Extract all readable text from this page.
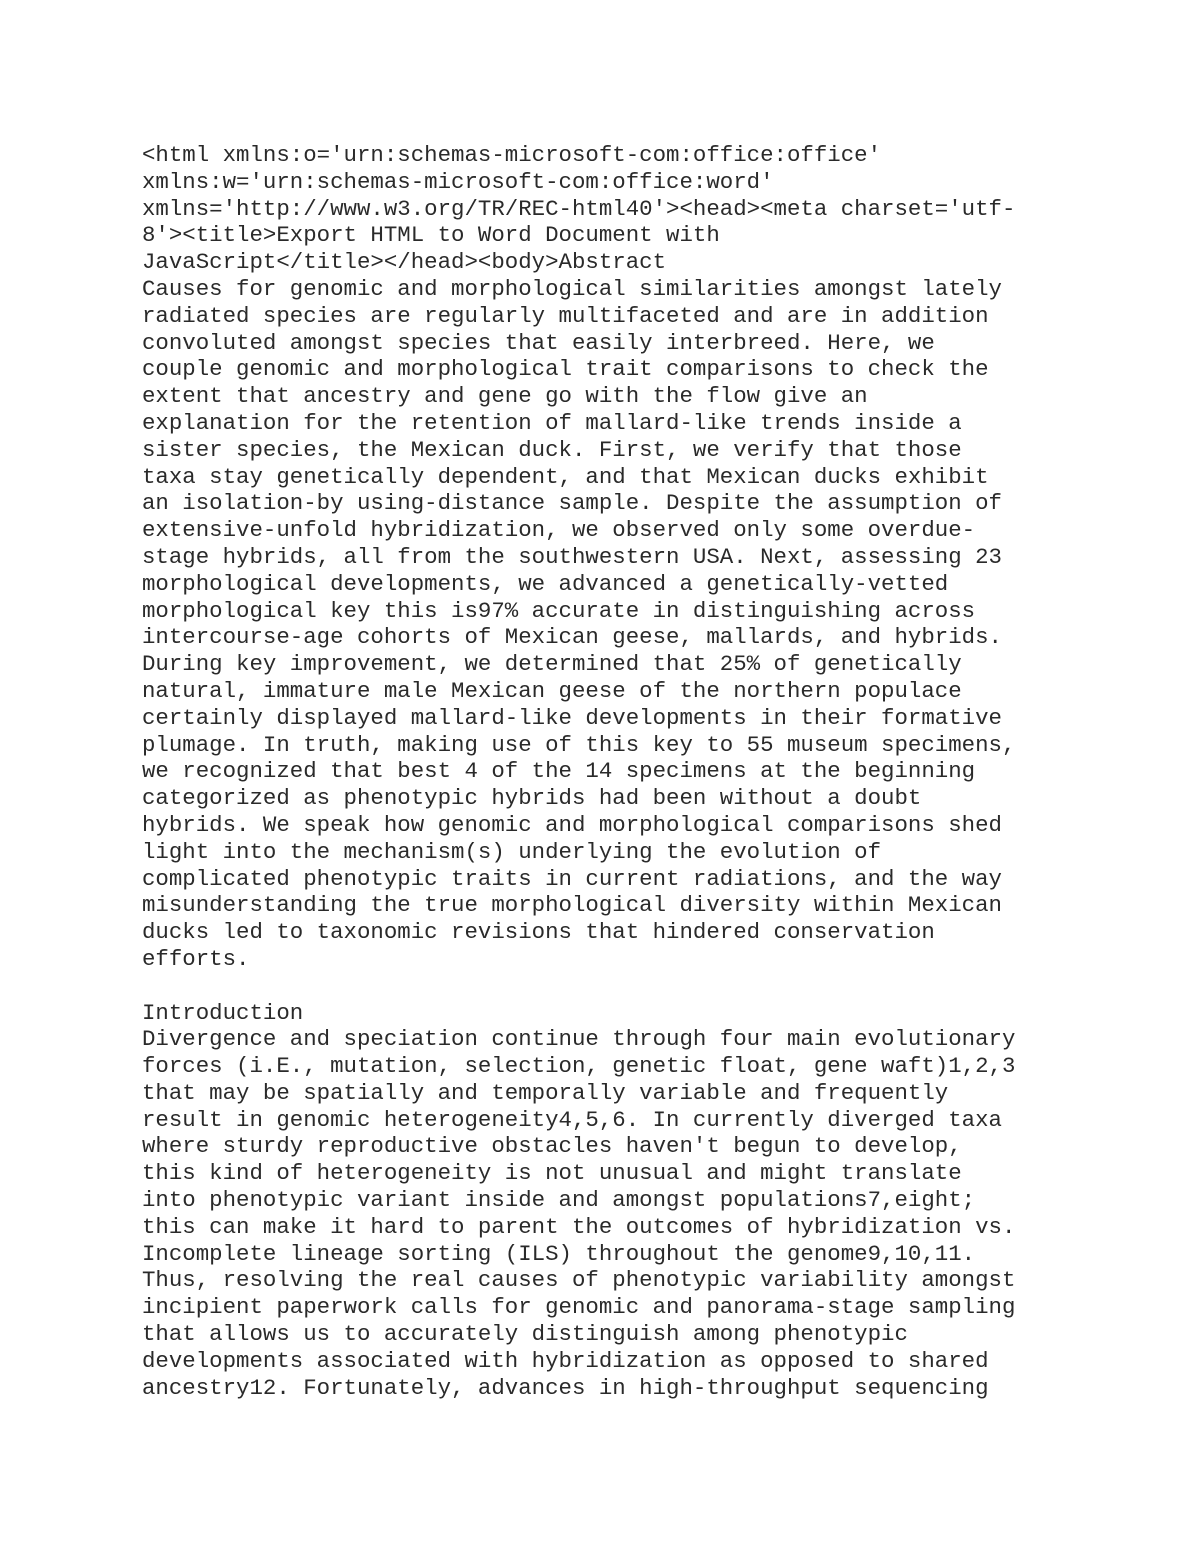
<html xmlns:o='urn:schemas-microsoft-com:office:office'
xmlns:w='urn:schemas-microsoft-com:office:word'
xmlns='http://www.w3.org/TR/REC-html40'><head><meta charset='utf-
8'><title>Export HTML to Word Document with
JavaScript</title></head><body>Abstract
Causes for genomic and morphological similarities amongst lately
radiated species are regularly multifaceted and are in addition
convoluted amongst species that easily interbreed. Here, we
couple genomic and morphological trait comparisons to check the
extent that ancestry and gene go with the flow give an
explanation for the retention of mallard-like trends inside a
sister species, the Mexican duck. First, we verify that those
taxa stay genetically dependent, and that Mexican ducks exhibit
an isolation-by using-distance sample. Despite the assumption of
extensive-unfold hybridization, we observed only some overdue-
stage hybrids, all from the southwestern USA. Next, assessing 23
morphological developments, we advanced a genetically-vetted
morphological key this is97% accurate in distinguishing across
intercourse-age cohorts of Mexican geese, mallards, and hybrids.
During key improvement, we determined that 25% of genetically
natural, immature male Mexican geese of the northern populace
certainly displayed mallard-like developments in their formative
plumage. In truth, making use of this key to 55 museum specimens,
we recognized that best 4 of the 14 specimens at the beginning
categorized as phenotypic hybrids had been without a doubt
hybrids. We speak how genomic and morphological comparisons shed
light into the mechanism(s) underlying the evolution of
complicated phenotypic traits in current radiations, and the way
misunderstanding the true morphological diversity within Mexican
ducks led to taxonomic revisions that hindered conservation
efforts.
Introduction
Divergence and speciation continue through four main evolutionary
forces (i.E., mutation, selection, genetic float, gene waft)1,2,3
that may be spatially and temporally variable and frequently
result in genomic heterogeneity4,5,6. In currently diverged taxa
where sturdy reproductive obstacles haven't begun to develop,
this kind of heterogeneity is not unusual and might translate
into phenotypic variant inside and amongst populations7,eight;
this can make it hard to parent the outcomes of hybridization vs.
Incomplete lineage sorting (ILS) throughout the genome9,10,11.
Thus, resolving the real causes of phenotypic variability amongst
incipient paperwork calls for genomic and panorama-stage sampling
that allows us to accurately distinguish among phenotypic
developments associated with hybridization as opposed to shared
ancestry12. Fortunately, advances in high-throughput sequencing
